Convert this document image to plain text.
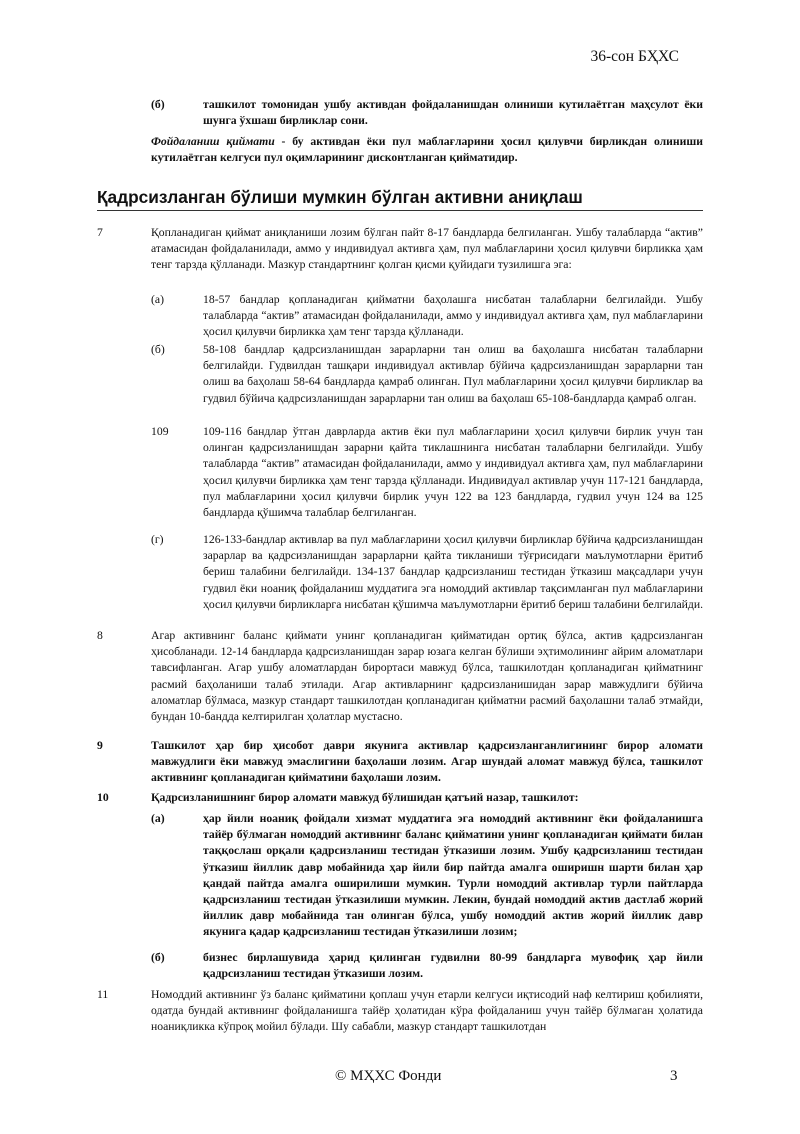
36-сон БҲХС
(б)	ташкилот томонидан ушбу активдан фойдаланишдан олиниши кутилаётган маҳсулот ёки шунга ўхшаш бирликлар сони.
Фойдаланиш қиймати - бу активдан ёки пул маблағларини ҳосил қилувчи бирликдан олиниши кутилаётган келгуси пул оқимларининг дисконтланган қийматидир.
Қадрсизланган бўлиши мумкин бўлган активни аниқлаш
7	Қопланадиган қиймат аниқланиши лозим бўлган пайт 8-17 бандларда белгиланган. Ушбу талабларда “актив” атамасидан фойдаланилади, аммо у индивидуал активга ҳам, пул маблағларини ҳосил қилувчи бирликка ҳам тенг тарзда қўлланади. Мазкур стандартнинг қолган қисми қуйидаги тузилишга эга:
(а)	18-57 бандлар қопланадиган қийматни баҳолашга нисбатан талабларни белгилайди. Ушбу талабларда “актив” атамасидан фойдаланилади, аммо у индивидуал активга ҳам, пул маблағларини ҳосил қилувчи бирликка ҳам тенг тарзда қўлланади.
(б)	58-108 бандлар қадрсизланишдан зарарларни тан олиш ва баҳолашга нисбатан талабларни белгилайди. Гудвилдан ташқари индивидуал активлар бўйича қадрсизланишдан зарарларни тан олиш ва баҳолаш 58-64 бандларда қамраб олинган. Пул маблағларини ҳосил қилувчи бирликлар ва гудвил бўйича қадрсизланишдан зарарларни тан олиш ва баҳолаш 65-108-бандларда қамраб олган.
109	109-116 бандлар ўтган даврларда актив ёки пул маблағларини ҳосил қилувчи бирлик учун тан олинган қадрсизланишдан зарарни қайта тиклашнинга нисбатан талабларни белгилайди. Ушбу талабларда “актив” атамасидан фойдаланилади, аммо у индивидуал активга ҳам, пул маблағларини ҳосил қилувчи бирликка ҳам тенг тарзда қўлланади. Индивидуал активлар учун 117-121 бандларда, пул маблағларини ҳосил қилувчи бирлик учун 122 ва 123 бандларда, гудвил учун 124 ва 125 бандларда қўшимча талаблар белгиланган.
(г)	126-133-бандлар активлар ва пул маблағларини ҳосил қилувчи бирликлар бўйича қадрсизланишдан зарарлар ва қадрсизланишдан зарарларни қайта тикланиши тўғрисидаги маълумотларни ёритиб бериш талабини белгилайди. 134-137 бандлар қадрсизланиш тестидан ўтказиш мақсадлари учун гудвил ёки ноаниқ фойдаланиш муддатига эга номоддий активлар тақсимланган пул маблағларини ҳосил қилувчи бирликларга нисбатан қўшимча маълумотларни ёритиб бериш талабини белгилайди.
8	Агар активнинг баланс қиймати унинг қопланадиган қийматидан ортиқ бўлса, актив қадрсизланган ҳисобланади. 12-14 бандларда қадрсизланишдан зарар юзага келган бўлиши эҳтимолининг айрим аломатлари тавсифланган. Агар ушбу аломатлардан бирортаси мавжуд бўлса, ташкилотдан қопланадиган қийматнинг расмий баҳоланиши талаб этилади. Агар активларнинг қадрсизланишидан зарар мавжудлиги бўйича аломатлар бўлмаса, мазкур стандарт ташкилотдан қопланадиган қийматни расмий баҳолашни талаб этмайди, бундан 10-бандда келтирилган ҳолатлар мустасно.
9	Ташкилот ҳар бир ҳисобот даври якунига активлар қадрсизланганлигининг бирор аломати мавжудлиги ёки мавжуд эмаслигини баҳолаши лозим. Агар шундай аломат мавжуд бўлса, ташкилот активнинг қопланадиган қийматини баҳолаши лозим.
10	Қадрсизланишнинг бирор аломати мавжуд бўлишидан қатъий назар, ташкилот:
(а)	ҳар йили ноаниқ фойдали хизмат муддатига эга номоддий активнинг ёки фойдаланишга тайёр бўлмаган номоддий активнинг баланс қийматини унинг қопланадиган қиймати билан таққослаш орқали қадрсизланиш тестидан ўтказиши лозим. Ушбу қадрсизланиш тестидан ўтказиш йиллик давр мобайнида ҳар йили бир пайтда амалга оширишн шарти билан ҳар қандай пайтда амалга оширилиши мумкин. Турли номоддий активлар турли пайтларда қадрсизланиш тестидан ўтказилиши мумкин. Лекин, бундай номоддий актив дастлаб жорий йиллик давр мобайнида тан олинган бўлса, ушбу номоддий актив жорий йиллик давр якунига қадар қадрсизланиш тестидан ўтказилиши лозим;
(б)	бизнес бирлашувида ҳарид қилинган гудвилни 80-99 бандларга мувофиқ ҳар йили қадрсизланиш тестидан ўтказиши лозим.
11	Номоддий активнинг ўз баланс қийматини қоплаш учун етарли келгуси иқтисодий наф келтириш қобилияти, одатда бундай активнинг фойдаланишга тайёр ҳолатидан кўра фойдаланиш учун тайёр бўлмаган ҳолатида ноаниқликка кўпроқ мойил бўлади. Шу сабабли, мазкур стандарт ташкилотдан
© МҲХС Фонди	3
